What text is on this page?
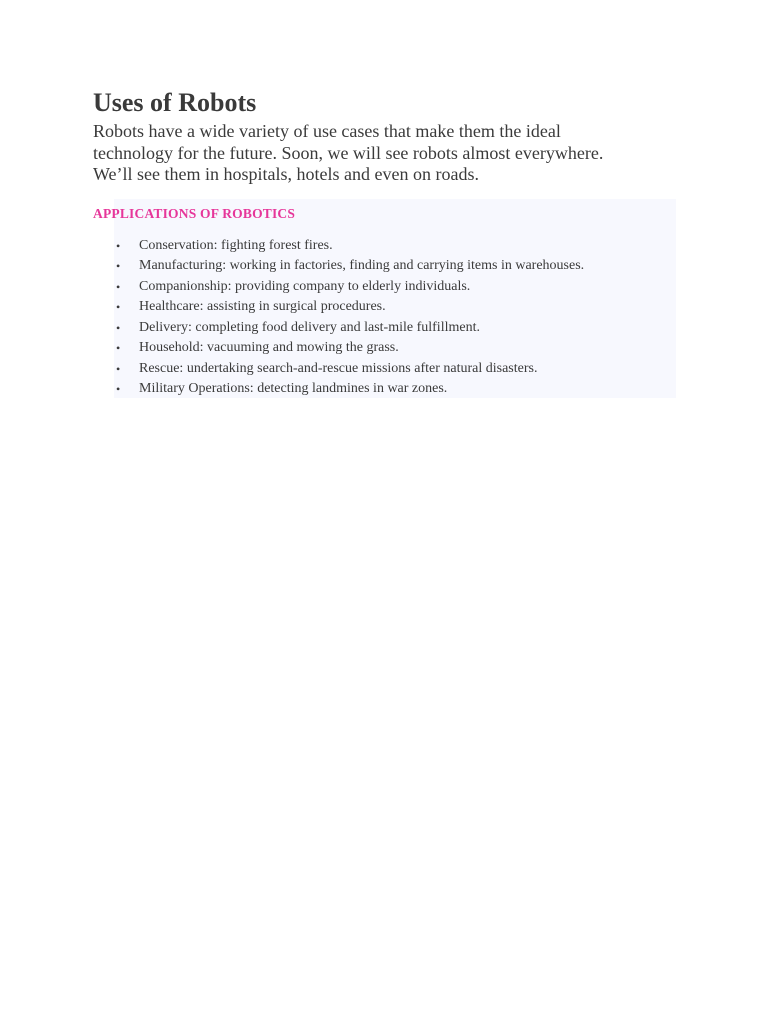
Uses of Robots

Robots have a wide variety of use cases that make them the ideal
technology for the future. Soon, we will see robots almost everywhere.
We’ll see them in hospitals, hotels and even on roads.

APPLICATIONS OF ROBOTICS
• Conservation: fighting forest fires.
• Manufacturing: working in factories, finding and carrying items in warehouses.
• Companionship: providing company to elderly individuals.
• Healthcare: assisting in surgical procedures.
• Delivery: completing food delivery and last-mile fulfillment.
• Household: vacuuming and mowing the grass.
• Rescue: undertaking search-and-rescue missions after natural disasters.
• Military Operations: detecting landmines in war zones.
